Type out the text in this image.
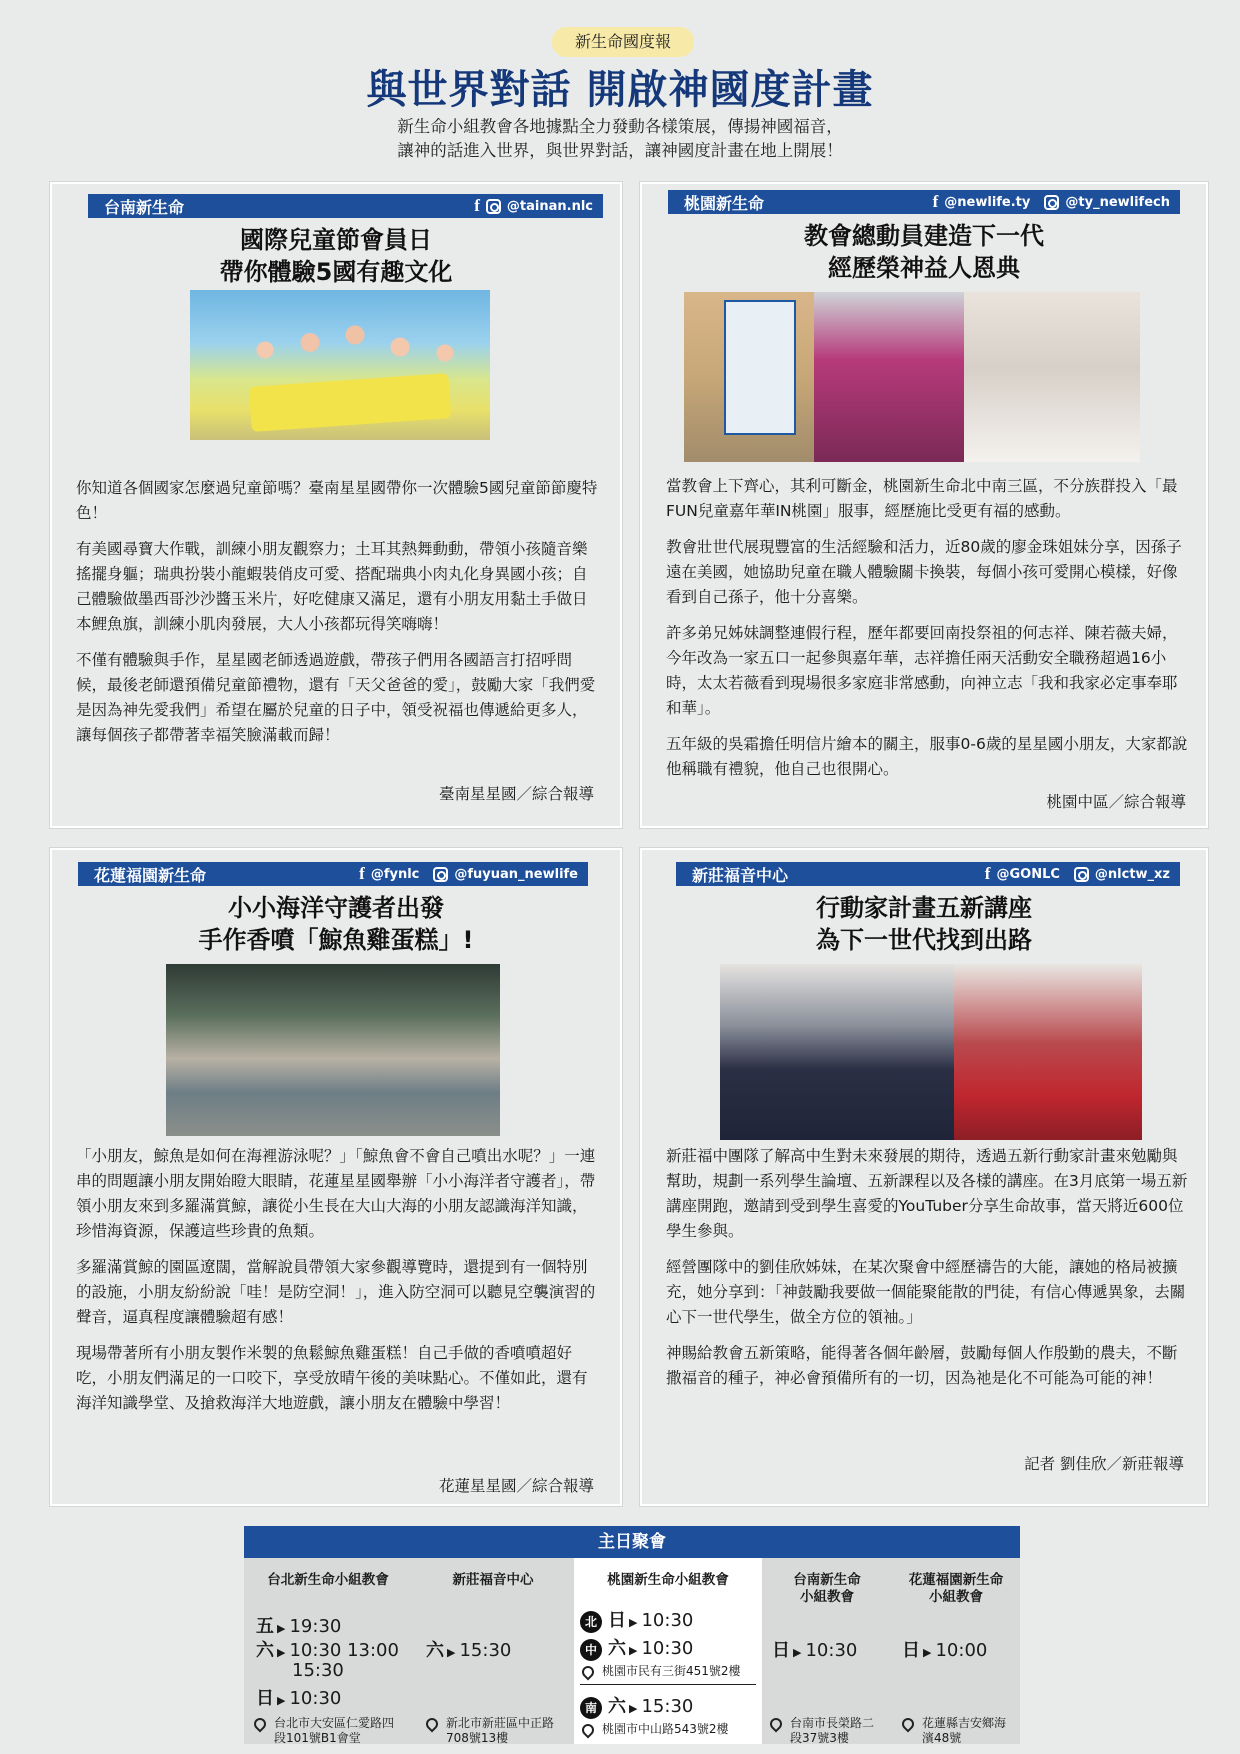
新生命國度報
與世界對話 開啟神國度計畫
新生命小組教會各地據點全力發動各樣策展，傳揚神國福音，
讓神的話進入世界，與世界對話，讓神國度計畫在地上開展！
台南新生命	f @tainan.nlc
國際兒童節會員日
帶你體驗5國有趣文化

你知道各個國家怎麼過兒童節嗎？臺南星星國帶你一次體驗5國兒童節節慶特色！

有美國尋寶大作戰，訓練小朋友觀察力；土耳其熱舞動動，帶領小孩隨音樂搖擺身軀；瑞典扮裝小龍蝦裝俏皮可愛、搭配瑞典小肉丸化身異國小孩；自己體驗做墨西哥沙沙醬玉米片，好吃健康又滿足，還有小朋友用黏土手做日本鯉魚旗，訓練小肌肉發展，大人小孩都玩得笑嗨嗨！

不僅有體驗與手作，星星國老師透過遊戲，帶孩子們用各國語言打招呼問候，最後老師還預備兒童節禮物，還有「天父爸爸的愛」，鼓勵大家「我們愛是因為神先愛我們」希望在屬於兒童的日子中，領受祝福也傳遞給更多人，讓每個孩子都帶著幸福笑臉滿載而歸！

臺南星星國／綜合報導
桃園新生命	f @newlife.ty	@ty_newlifech
教會總動員建造下一代
經歷榮神益人恩典

當教會上下齊心，其利可斷金，桃園新生命北中南三區，不分族群投入「最FUN兒童嘉年華IN桃園」服事，經歷施比受更有福的感動。

教會壯世代展現豐富的生活經驗和活力，近80歲的廖金珠姐妹分享，因孫子遠在美國，她協助兒童在職人體驗關卡換裝，每個小孩可愛開心模樣，好像看到自己孫子，他十分喜樂。

許多弟兄姊妹調整連假行程，歷年都要回南投祭祖的何志祥、陳若薇夫婦，今年改為一家五口一起參與嘉年華，志祥擔任兩天活動安全職務超過16小時，太太若薇看到現場很多家庭非常感動，向神立志「我和我家必定事奉耶和華」。

五年級的吳霜擔任明信片繪本的關主，服事0-6歲的星星國小朋友，大家都說他稱職有禮貌，他自己也很開心。

桃園中區／綜合報導
花蓮福園新生命	f @fynlc	@fuyuan_newlife
小小海洋守護者出發
手作香噴「鯨魚雞蛋糕」!

「小朋友，鯨魚是如何在海裡游泳呢？」「鯨魚會不會自己噴出水呢？」一連串的問題讓小朋友開始瞪大眼睛，花蓮星星國舉辦「小小海洋者守護者」，帶領小朋友來到多羅滿賞鯨，讓從小生長在大山大海的小朋友認識海洋知識，珍惜海資源，保護這些珍貴的魚類。

多羅滿賞鯨的園區遼闊，當解說員帶領大家參觀導覽時，還提到有一個特別的設施，小朋友紛紛說「哇！是防空洞！」，進入防空洞可以聽見空襲演習的聲音，逼真程度讓體驗超有感！

現場帶著所有小朋友製作米製的魚鬆鯨魚雞蛋糕！自己手做的香噴噴超好吃，小朋友們滿足的一口咬下，享受放晴午後的美味點心。不僅如此，還有海洋知識學堂、及搶救海洋大地遊戲，讓小朋友在體驗中學習！

花蓮星星國／綜合報導
新莊福音中心	f @GONLC	@nlctw_xz
行動家計畫五新講座
為下一世代找到出路

新莊福中團隊了解高中生對未來發展的期待，透過五新行動家計畫來勉勵與幫助，規劃一系列學生論壇、五新課程以及各樣的講座。在3月底第一場五新講座開跑，邀請到受到學生喜愛的YouTuber分享生命故事，當天將近600位學生參與。

經營團隊中的劉佳欣姊妹，在某次聚會中經歷禱告的大能，讓她的格局被擴充，她分享到：「神鼓勵我要做一個能聚能散的門徒，有信心傳遞異象，去關心下一世代學生，做全方位的領袖。」

神賜給教會五新策略，能得著各個年齡層，鼓勵每個人作殷勤的農夫，不斷撒福音的種子，神必會預備所有的一切，因為祂是化不可能為可能的神！

記者 劉佳欣／新莊報導
主日聚會
台北新生命小組教會
五 ▶ 19:30
六 ▶ 10:30 13:00
15:30
日 ▶ 10:30
台北市大安區仁愛路四
段101號B1會堂
新莊福音中心
六 ▶ 15:30
新北市新莊區中正路
708號13樓
桃園新生命小組教會
北 日 ▶ 10:30
中 六 ▶ 10:30
桃園市民有三街451號2樓
南 六 ▶ 15:30
桃園市中山路543號2樓
台南新生命
小組教會
日 ▶ 10:30
台南市長榮路二
段37號3樓
花蓮福園新生命
小組教會
日 ▶ 10:00
花蓮縣吉安鄉海
濱48號
